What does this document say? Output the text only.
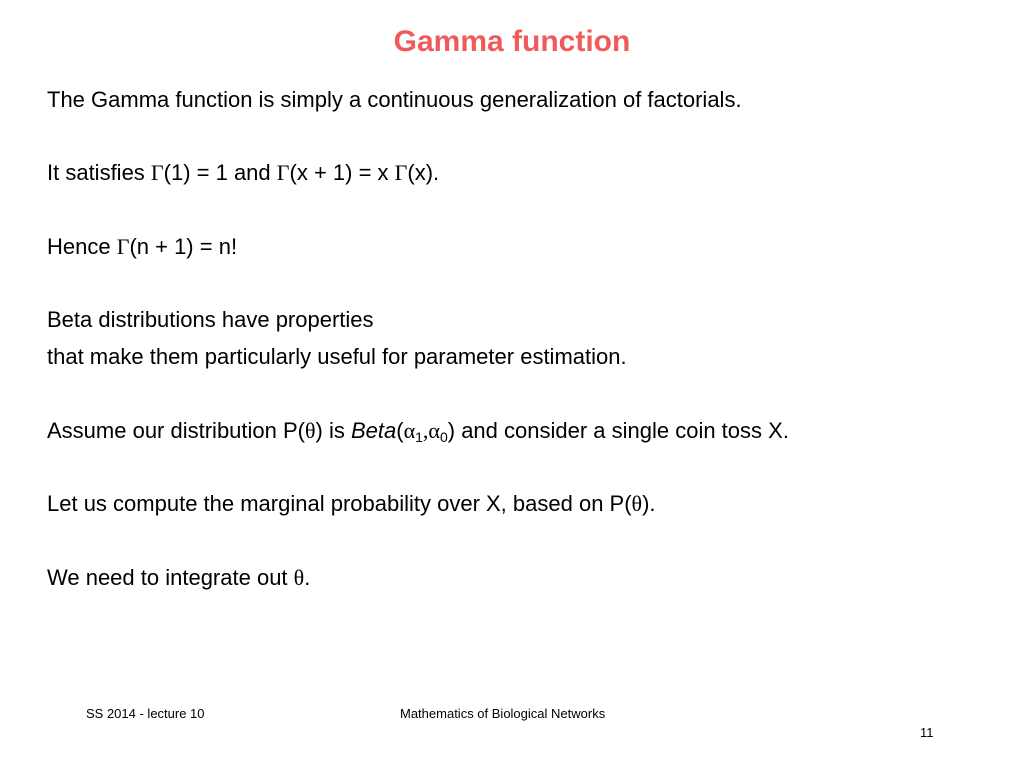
Gamma function
The Gamma function is simply a continuous generalization of factorials.
It satisfies Γ(1) = 1 and Γ(x + 1) = x Γ(x).
Hence Γ(n + 1) = n!
Beta distributions have properties
that make them particularly useful for parameter estimation.
Assume our distribution P(θ) is $Beta(\alpha_1,\alpha_0)$ and consider a single coin toss X.
Let us compute the marginal probability over X, based on P(θ).
We need to integrate out θ.
SS 2014 - lecture 10	Mathematics of Biological Networks
11
